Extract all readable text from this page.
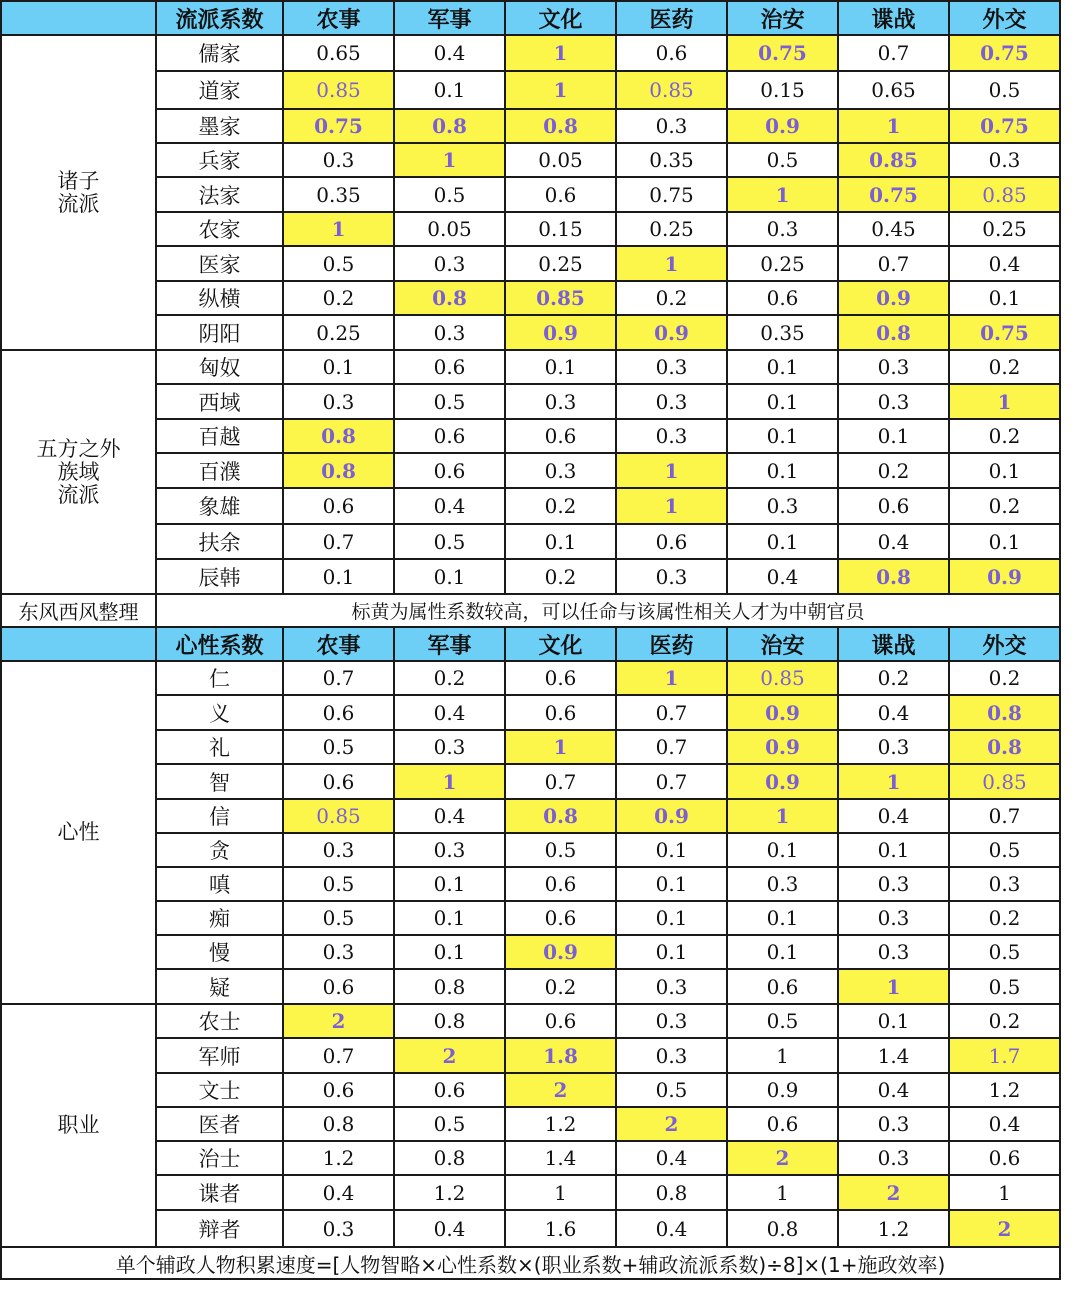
	流派系数	农事	军事	文化	医药	治安	谍战	外交

诸子
流派	儒家	0.65	0.4	1	0.6	0.75	0.7	0.75
	道家	0.85	0.1	1	0.85	0.15	0.65	0.5
	墨家	0.75	0.8	0.8	0.3	0.9	1	0.75
	兵家	0.3	1	0.05	0.35	0.5	0.85	0.3
	法家	0.35	0.5	0.6	0.75	1	0.75	0.85
	农家	1	0.05	0.15	0.25	0.3	0.45	0.25
	医家	0.5	0.3	0.25	1	0.25	0.7	0.4
	纵横	0.2	0.8	0.85	0.2	0.6	0.9	0.1
	阴阳	0.25	0.3	0.9	0.9	0.35	0.8	0.75

五方之外
族域
流派	匈奴	0.1	0.6	0.1	0.3	0.1	0.3	0.2
	西域	0.3	0.5	0.3	0.3	0.1	0.3	1
	百越	0.8	0.6	0.6	0.3	0.1	0.1	0.2
	百濮	0.8	0.6	0.3	1	0.1	0.2	0.1
	象雄	0.6	0.4	0.2	1	0.3	0.6	0.2
	扶余	0.7	0.5	0.1	0.6	0.1	0.4	0.1
	辰韩	0.1	0.1	0.2	0.3	0.4	0.8	0.9
东风西风整理	标黄为属性系数较高，可以任命与该属性相关人才为中朝官员							
	心性系数	农事	军事	文化	医药	治安	谍战	外交

心性	仁	0.7	0.2	0.6	1	0.85	0.2	0.2
	义	0.6	0.4	0.6	0.7	0.9	0.4	0.8
	礼	0.5	0.3	1	0.7	0.9	0.3	0.8
	智	0.6	1	0.7	0.7	0.9	1	0.85
	信	0.85	0.4	0.8	0.9	1	0.4	0.7
	贪	0.3	0.3	0.5	0.1	0.1	0.1	0.5
	嗔	0.5	0.1	0.6	0.1	0.3	0.3	0.3
	痴	0.5	0.1	0.6	0.1	0.1	0.3	0.2
	慢	0.3	0.1	0.9	0.1	0.1	0.3	0.5
	疑	0.6	0.8	0.2	0.3	0.6	1	0.5

职业	农士	2	0.8	0.6	0.3	0.5	0.1	0.2
	军师	0.7	2	1.8	0.3	1	1.4	1.7
	文士	0.6	0.6	2	0.5	0.9	0.4	1.2
	医者	0.8	0.5	1.2	2	0.6	0.3	0.4
	治士	1.2	0.8	1.4	0.4	2	0.3	0.6
	谍者	0.4	1.2	1	0.8	1	2	1
	辩者	0.3	0.4	1.6	0.4	0.8	1.2	2
单个辅政人物积累速度=[人物智略×心性系数×(职业系数+辅政流派系数)÷8]×(1+施政效率)								
